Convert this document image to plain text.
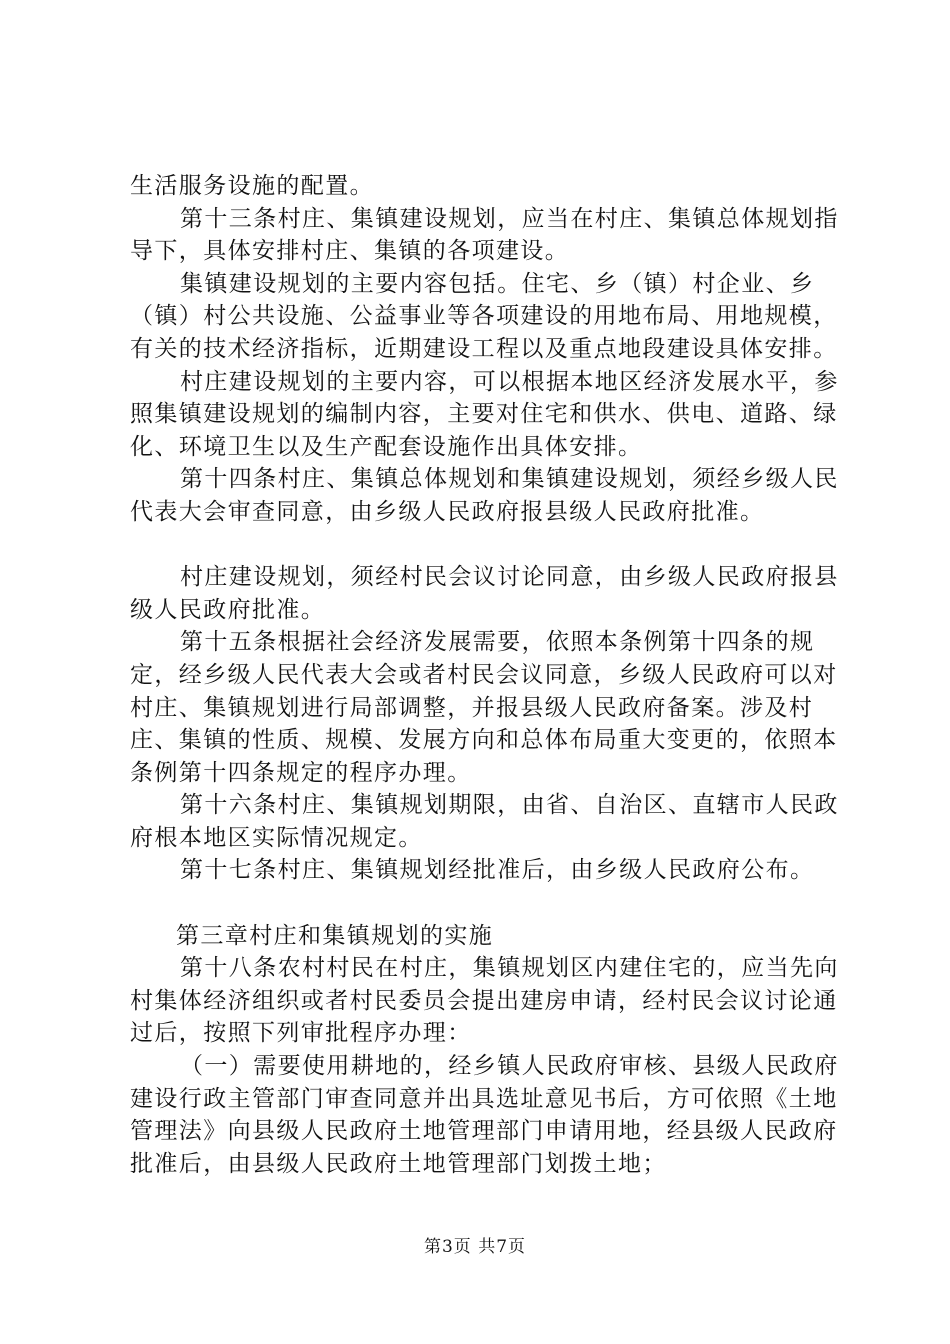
生活服务设施的配置。

第十三条村庄、集镇建设规划，应当在村庄、集镇总体规划指导下，具体安排村庄、集镇的各项建设。

集镇建设规划的主要内容包括。住宅、乡（镇）村企业、乡（镇）村公共设施、公益事业等各项建设的用地布局、用地规模，有关的技术经济指标，近期建设工程以及重点地段建设具体安排。

村庄建设规划的主要内容，可以根据本地区经济发展水平，参照集镇建设规划的编制内容，主要对住宅和供水、供电、道路、绿化、环境卫生以及生产配套设施作出具体安排。

第十四条村庄、集镇总体规划和集镇建设规划，须经乡级人民代表大会审查同意，由乡级人民政府报县级人民政府批准。

村庄建设规划，须经村民会议讨论同意，由乡级人民政府报县级人民政府批准。

第十五条根据社会经济发展需要，依照本条例第十四条的规定，经乡级人民代表大会或者村民会议同意，乡级人民政府可以对村庄、集镇规划进行局部调整，并报县级人民政府备案。涉及村庄、集镇的性质、规模、发展方向和总体布局重大变更的，依照本条例第十四条规定的程序办理。

第十六条村庄、集镇规划期限，由省、自治区、直辖市人民政府根本地区实际情况规定。

第十七条村庄、集镇规划经批准后，由乡级人民政府公布。

第三章村庄和集镇规划的实施

第十八条农村村民在村庄，集镇规划区内建住宅的，应当先向村集体经济组织或者村民委员会提出建房申请，经村民会议讨论通过后，按照下列审批程序办理：

（一）需要使用耕地的，经乡镇人民政府审核、县级人民政府建设行政主管部门审查同意并出具选址意见书后，方可依照《土地管理法》向县级人民政府土地管理部门申请用地，经县级人民政府批准后，由县级人民政府土地管理部门划拨土地；

第3页 共7页
